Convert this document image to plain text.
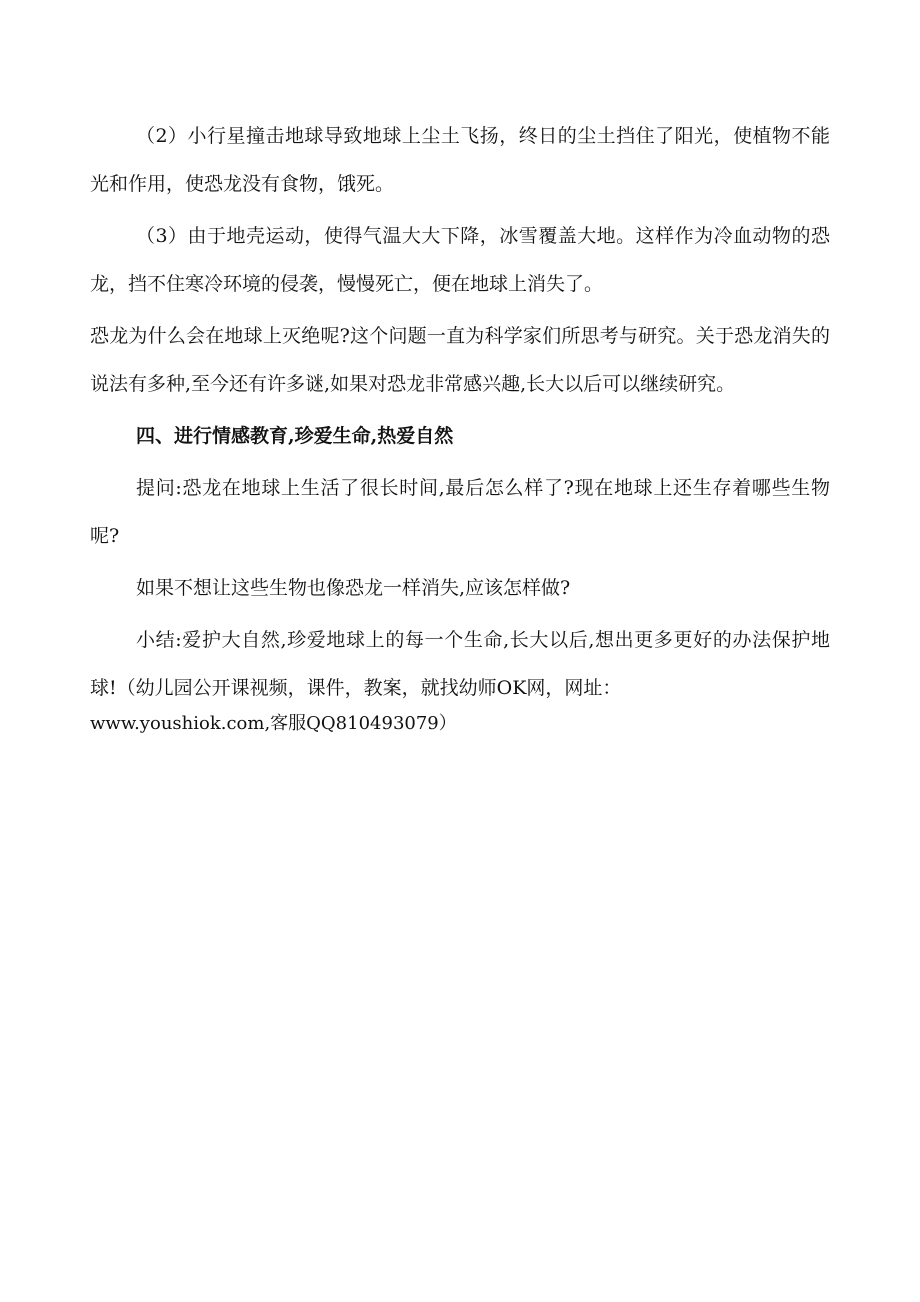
（2）小行星撞击地球导致地球上尘土飞扬，终日的尘土挡住了阳光，使植物不能光和作用，使恐龙没有食物，饿死。

（3）由于地壳运动，使得气温大大下降，冰雪覆盖大地。这样作为冷血动物的恐龙，挡不住寒冷环境的侵袭，慢慢死亡，便在地球上消失了。

恐龙为什么会在地球上灭绝呢?这个问题一直为科学家们所思考与研究。关于恐龙消失的说法有多种,至今还有许多谜,如果对恐龙非常感兴趣,长大以后可以继续研究。

四、进行情感教育,珍爱生命,热爱自然

提问:恐龙在地球上生活了很长时间,最后怎么样了?现在地球上还生存着哪些生物呢?

如果不想让这些生物也像恐龙一样消失,应该怎样做?

小结:爱护大自然,珍爱地球上的每一个生命,长大以后,想出更多更好的办法保护地球!（幼儿园公开课视频，课件，教案，就找幼师OK网，网址：

www.youshiok.com,客服QQ810493079）
